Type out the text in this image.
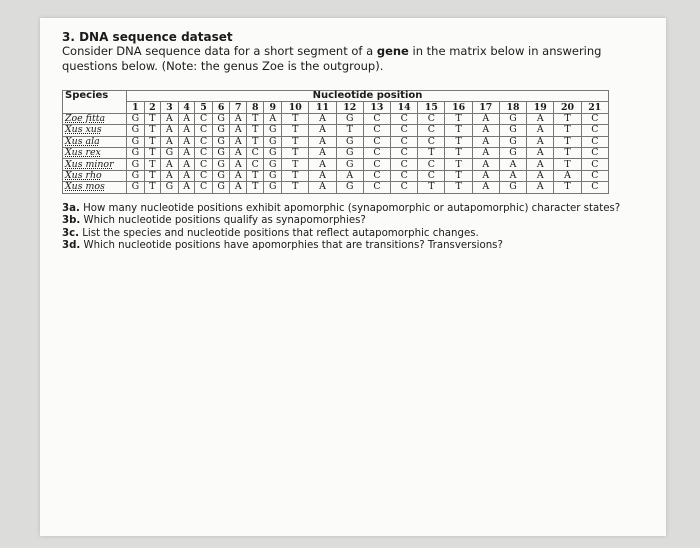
3. DNA sequence dataset
Consider DNA sequence data for a short segment of a gene in the matrix below in answering questions below. (Note: the genus Zoe is the outgroup).
Species	Nucleotide position																				
	1	2	3	4	5	6	7	8	9	10	11	12	13	14	15	16	17	18	19	20	21
Zoe fitta	G	T	A	A	C	G	A	T	A	T	A	G	C	C	C	T	A	G	A	T	C
Xus xus	G	T	A	A	C	G	A	T	G	T	A	T	C	C	C	T	A	G	A	T	C
Xus ala	G	T	A	A	C	G	A	T	G	T	A	G	C	C	C	T	A	G	A	T	C
Xus rex	G	T	G	A	C	G	A	C	G	T	A	G	C	C	T	T	A	G	A	T	C
Xus minor	G	T	A	A	C	G	A	C	G	T	A	G	C	C	C	T	A	A	A	T	C
Xus rho	G	T	A	A	C	G	A	T	G	T	A	A	C	C	C	T	A	A	A	A	C
Xus mos	G	T	G	A	C	G	A	T	G	T	A	G	C	C	T	T	A	G	A	T	C
3a. How many nucleotide positions exhibit apomorphic (synapomorphic or autapomorphic) character states?
3b. Which nucleotide positions qualify as synapomorphies?
3c. List the species and nucleotide positions that reflect autapomorphic changes.
3d. Which nucleotide positions have apomorphies that are transitions? Transversions?
